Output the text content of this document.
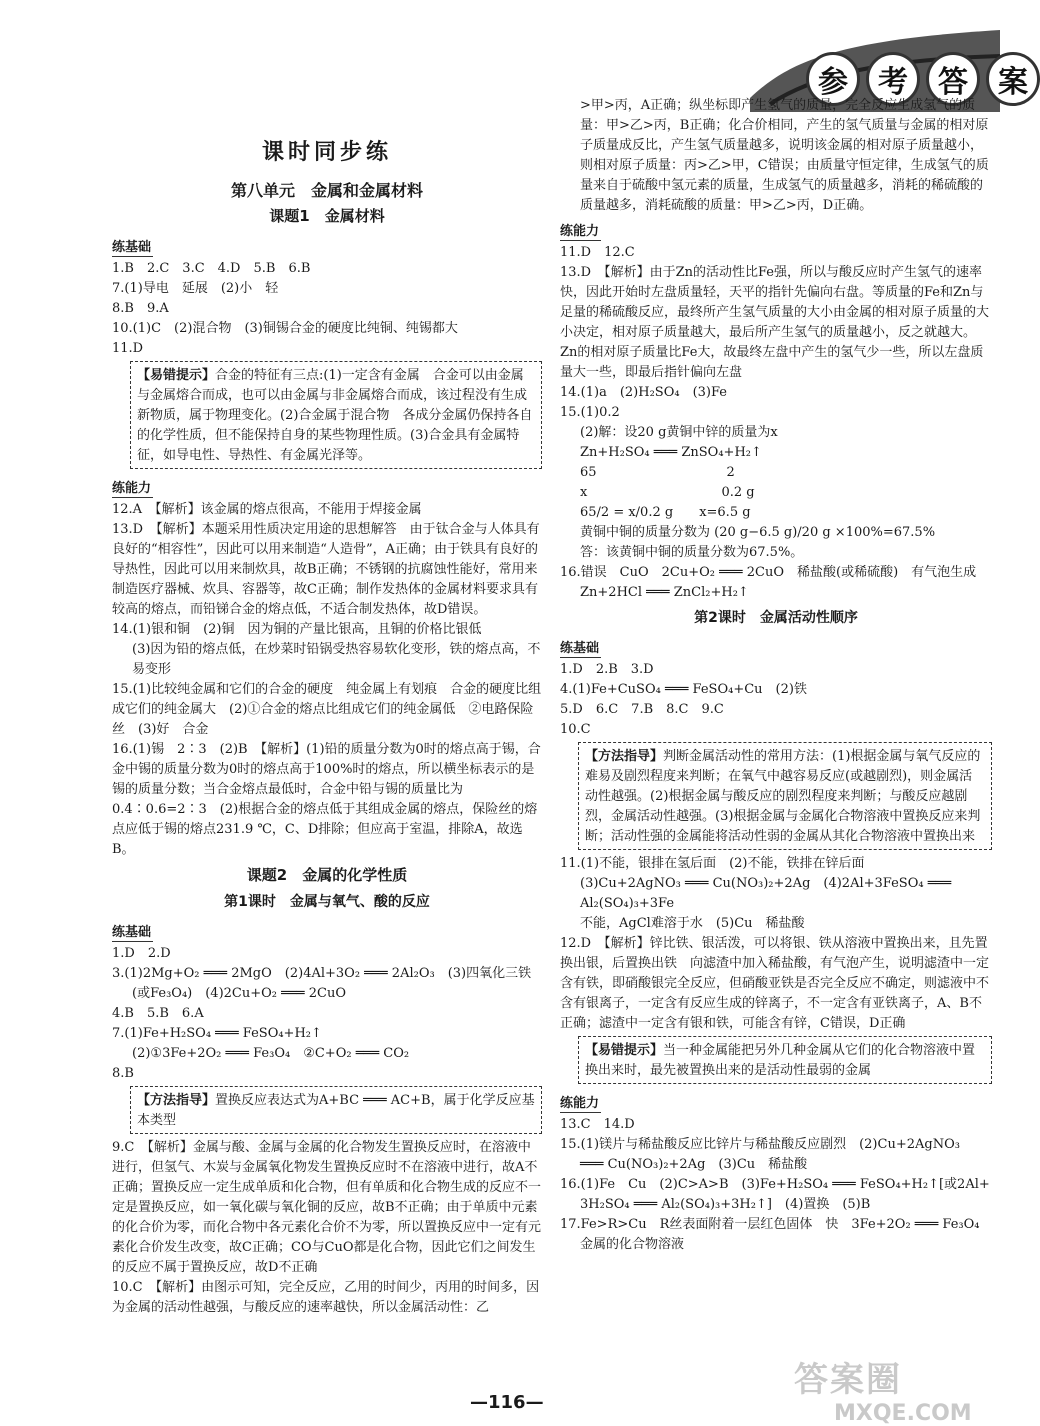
参	考	答	案
课时同步练
第八单元　金属和金属材料
课题1　金属材料
练基础

1.B　2.C　3.C　4.D　5.B　6.B

7.(1)导电　延展　(2)小　轻

8.B　9.A

10.(1)C　(2)混合物　(3)铜锡合金的硬度比纯铜、纯锡都大

11.D

【易错提示】合金的特征有三点:(1)一定含有金属　合金可以由金属与金属熔合而成，也可以由金属与非金属熔合而成，该过程没有生成新物质，属于物理变化。(2)合金属于混合物　各成分金属仍保持各自的化学性质，但不能保持自身的某些物理性质。(3)合金具有金属特征，如导电性、导热性、有金属光泽等。
练能力

12.A　【解析】该金属的熔点很高，不能用于焊接金属

13.D　【解析】本题采用性质决定用途的思想解答　由于钛合金与人体具有良好的“相容性”，因此可以用来制造“人造骨”，A正确；由于铁具有良好的导热性，因此可以用来制炊具，故B正确；不锈钢的抗腐蚀性能好，常用来制造医疗器械、炊具、容器等，故C正确；制作发热体的金属材料要求具有较高的熔点，而铅锑合金的熔点低，不适合制发热体，故D错误。

14.(1)银和铜　(2)铜　因为铜的产量比银高，且铜的价格比银低

(3)因为铅的熔点低，在炒菜时铅锅受热容易软化变形，铁的熔点高，不易变形

15.(1)比较纯金属和它们的合金的硬度　纯金属上有划痕　合金的硬度比组成它们的纯金属大　(2)①合金的熔点比组成它们的纯金属低　②电路保险丝　(3)好　合金

16.(1)锡　2∶3　(2)B　【解析】(1)铅的质量分数为0时的熔点高于锡，合金中锡的质量分数为0时的熔点高于100%时的熔点，所以横坐标表示的是锡的质量分数；当合金熔点最低时，合金中铅与锡的质量比为0.4∶0.6=2∶3　(2)根据合金的熔点低于其组成金属的熔点，保险丝的熔点应低于锡的熔点231.9 ℃，C、D排除；但应高于室温，排除A，故选B。

课题2　金属的化学性质
第1课时　金属与氧气、酸的反应
练基础

1.D　2.D

3.(1)2Mg+O₂ ═══ 2MgO　(2)4Al+3O₂ ═══ 2Al₂O₃　(3)四氧化三铁

(或Fe₃O₄)　(4)2Cu+O₂ ═══ 2CuO

4.B　5.B　6.A

7.(1)Fe+H₂SO₄ ═══ FeSO₄+H₂↑

(2)①3Fe+2O₂ ═══ Fe₃O₄　②C+O₂ ═══ CO₂

8.B

【方法指导】置换反应表达式为A+BC ═══ AC+B，属于化学反应基本类型

9.C　【解析】金属与酸、金属与金属的化合物发生置换反应时，在溶液中进行，但氢气、木炭与金属氧化物发生置换反应时不在溶液中进行，故A不正确；置换反应一定生成单质和化合物，但有单质和化合物生成的反应不一定是置换反应，如一氧化碳与氧化铜的反应，故B不正确；由于单质中元素的化合价为零，而化合物中各元素化合价不为零，所以置换反应中一定有元素化合价发生改变，故C正确；CO与CuO都是化合物，因此它们之间发生的反应不属于置换反应，故D不正确

10.C　【解析】由图示可知，完全反应，乙用的时间少，丙用的时间多，因为金属的活动性越强，与酸反应的速率越快，所以金属活动性：乙

>甲>丙，A正确；纵坐标即产生氢气的质量，完全反应生成氢气的质量：甲>乙>丙，B正确；化合价相同，产生的氢气质量与金属的相对原子质量成反比，产生氢气质量越多，说明该金属的相对原子质量越小，则相对原子质量：丙>乙>甲，C错误；由质量守恒定律，生成氢气的质量来自于硫酸中氢元素的质量，生成氢气的质量越多，消耗的稀硫酸的质量越多，消耗硫酸的质量：甲>乙>丙，D正确。

练能力

11.D　12.C

13.D　【解析】由于Zn的活动性比Fe强，所以与酸反应时产生氢气的速率快，因此开始时左盘质量轻，天平的指针先偏向右盘。等质量的Fe和Zn与足量的稀硫酸反应，最终所产生氢气质量的大小由金属的相对原子质量的大小决定，相对原子质量越大，最后所产生氢气的质量越小，反之就越大。Zn的相对原子质量比Fe大，故最终左盘中产生的氢气少一些，所以左盘质量大一些，即最后指针偏向左盘

14.(1)a　(2)H₂SO₄　(3)Fe

15.(1)0.2

(2)解：设20 g黄铜中锌的质量为x

Zn+H₂SO₄ ═══ ZnSO₄+H₂↑

65　　　　　　　　　　2

x　　　　　　　　　　 0.2 g

65/2 = x/0.2 g　　x=6.5 g

黄铜中铜的质量分数为 (20 g−6.5 g)/20 g ×100%=67.5%

答：该黄铜中铜的质量分数为67.5%。

16.错误　CuO　2Cu+O₂ ═══ 2CuO　稀盐酸(或稀硫酸)　有气泡生成

Zn+2HCl ═══ ZnCl₂+H₂↑

第2课时　金属活动性顺序
练基础

1.D　2.B　3.D

4.(1)Fe+CuSO₄ ═══ FeSO₄+Cu　(2)铁

5.D　6.C　7.B　8.C　9.C

10.C

【方法指导】判断金属活动性的常用方法：(1)根据金属与氧气反应的难易及剧烈程度来判断；在氧气中越容易反应(或越剧烈)，则金属活动性越强。(2)根据金属与酸反应的剧烈程度来判断；与酸反应越剧烈，金属活动性越强。(3)根据金属与金属化合物溶液中置换反应来判断；活动性强的金属能将活动性弱的金属从其化合物溶液中置换出来

11.(1)不能，银排在氢后面　(2)不能，铁排在锌后面

(3)Cu+2AgNO₃ ═══ Cu(NO₃)₂+2Ag　(4)2Al+3FeSO₄ ═══ Al₂(SO₄)₃+3Fe

不能，AgCl难溶于水　(5)Cu　稀盐酸

12.D　【解析】锌比铁、银活泼，可以将银、铁从溶液中置换出来，且先置换出银，后置换出铁　向滤渣中加入稀盐酸，有气泡产生，说明滤渣中一定含有铁，即硝酸银完全反应，但硝酸亚铁是否完全反应不确定，则滤液中不含有银离子，一定含有反应生成的锌离子，不一定含有亚铁离子，A、B不正确；滤渣中一定含有银和铁，可能含有锌，C错误，D正确

【易错提示】当一种金属能把另外几种金属从它们的化合物溶液中置换出来时，最先被置换出来的是活动性最弱的金属
练能力

13.C　14.D

15.(1)镁片与稀盐酸反应比锌片与稀盐酸反应剧烈　(2)Cu+2AgNO₃

═══ Cu(NO₃)₂+2Ag　(3)Cu　稀盐酸

16.(1)Fe　Cu　(2)C>A>B　(3)Fe+H₂SO₄ ═══ FeSO₄+H₂↑[或2Al+

3H₂SO₄ ═══ Al₂(SO₄)₃+3H₂↑]　(4)置换　(5)B

17.Fe>R>Cu　R丝表面附着一层红色固体　快　3Fe+2O₂ ═══ Fe₃O₄

金属的化合物溶液

—116—
答案圈
MXQE.COM
